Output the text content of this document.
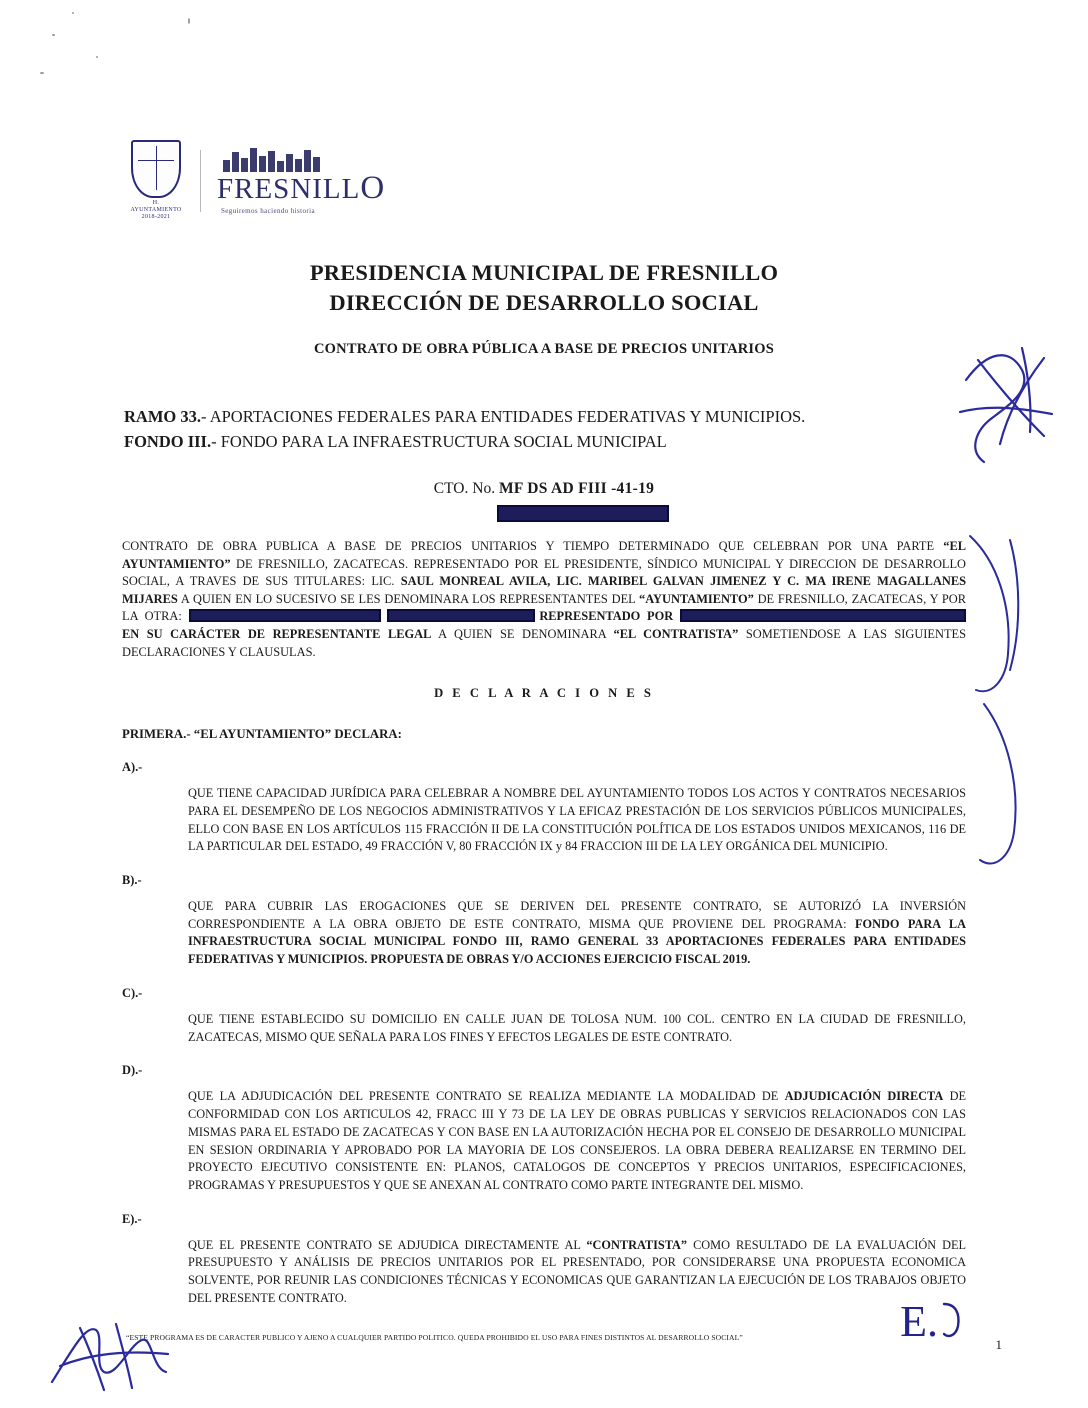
H. AYUNTAMIENTO 2018-2021
FRESNILLO
Seguiremos haciendo historia
PRESIDENCIA MUNICIPAL DE FRESNILLO
DIRECCIÓN DE DESARROLLO SOCIAL
CONTRATO DE OBRA PÚBLICA A BASE DE PRECIOS UNITARIOS
RAMO 33.- APORTACIONES FEDERALES PARA ENTIDADES FEDERATIVAS Y MUNICIPIOS.
FONDO III.- FONDO PARA LA INFRAESTRUCTURA SOCIAL MUNICIPAL
CTO. No. MF DS AD FIII -41-19

CONTRATO DE OBRA PUBLICA A BASE DE PRECIOS UNITARIOS Y TIEMPO DETERMINADO QUE CELEBRAN POR UNA PARTE “EL AYUNTAMIENTO” DE FRESNILLO, ZACATECAS. REPRESENTADO POR EL PRESIDENTE, SÍNDICO MUNICIPAL Y DIRECCION DE DESARROLLO SOCIAL, A TRAVES DE SUS TITULARES: LIC. SAUL MONREAL AVILA, LIC. MARIBEL GALVAN JIMENEZ Y C. MA IRENE MAGALLANES MIJARES A QUIEN EN LO SUCESIVO SE LES DENOMINARA LOS REPRESENTANTES DEL “AYUNTAMIENTO” DE FRESNILLO, ZACATECAS, Y POR LA OTRA:	REPRESENTADO POR  EN SU CARÁCTER DE REPRESENTANTE LEGAL A QUIEN SE DENOMINARA “EL CONTRATISTA” SOMETIENDOSE A LAS SIGUIENTES DECLARACIONES Y CLAUSULAS.

D E C L A R A C I O N E S
PRIMERA.- “EL AYUNTAMIENTO” DECLARA:
A).-
QUE TIENE CAPACIDAD JURÍDICA PARA CELEBRAR A NOMBRE DEL AYUNTAMIENTO TODOS LOS ACTOS Y CONTRATOS NECESARIOS PARA EL DESEMPEÑO DE LOS NEGOCIOS ADMINISTRATIVOS Y LA EFICAZ PRESTACIÓN DE LOS SERVICIOS PÚBLICOS MUNICIPALES, ELLO CON BASE EN LOS ARTÍCULOS 115 FRACCIÓN II DE LA CONSTITUCIÓN POLÍTICA DE LOS ESTADOS UNIDOS MEXICANOS, 116 DE LA PARTICULAR DEL ESTADO, 49 FRACCIÓN V, 80 FRACCIÓN IX y 84 FRACCION III DE LA LEY ORGÁNICA DEL MUNICIPIO.
B).-
QUE PARA CUBRIR LAS EROGACIONES QUE SE DERIVEN DEL PRESENTE CONTRATO, SE AUTORIZÓ LA INVERSIÓN CORRESPONDIENTE A LA OBRA OBJETO DE ESTE CONTRATO, MISMA QUE PROVIENE DEL PROGRAMA: FONDO PARA LA INFRAESTRUCTURA SOCIAL MUNICIPAL FONDO III, RAMO GENERAL 33 APORTACIONES FEDERALES PARA ENTIDADES FEDERATIVAS Y MUNICIPIOS. PROPUESTA DE OBRAS Y/O ACCIONES EJERCICIO FISCAL 2019.
C).-
QUE TIENE ESTABLECIDO SU DOMICILIO EN CALLE JUAN DE TOLOSA NUM. 100 COL. CENTRO EN LA CIUDAD DE FRESNILLO, ZACATECAS, MISMO QUE SEÑALA PARA LOS FINES Y EFECTOS LEGALES DE ESTE CONTRATO.
D).-
QUE LA ADJUDICACIÓN DEL PRESENTE CONTRATO SE REALIZA MEDIANTE LA MODALIDAD DE ADJUDICACIÓN DIRECTA DE CONFORMIDAD CON LOS ARTICULOS 42, FRACC III Y 73 DE LA LEY DE OBRAS PUBLICAS Y SERVICIOS RELACIONADOS CON LAS MISMAS PARA EL ESTADO DE ZACATECAS Y CON BASE EN LA AUTORIZACIÓN HECHA POR EL CONSEJO DE DESARROLLO MUNICIPAL EN SESION ORDINARIA Y APROBADO POR LA MAYORIA DE LOS CONSEJEROS. LA OBRA DEBERA REALIZARSE EN TERMINO DEL PROYECTO EJECUTIVO CONSISTENTE EN: PLANOS, CATALOGOS DE CONCEPTOS Y PRECIOS UNITARIOS, ESPECIFICACIONES, PROGRAMAS Y PRESUPUESTOS Y QUE SE ANEXAN AL CONTRATO COMO PARTE INTEGRANTE DEL MISMO.
E).-
QUE EL PRESENTE CONTRATO SE ADJUDICA DIRECTAMENTE AL “CONTRATISTA” COMO RESULTADO DE LA EVALUACIÓN DEL PRESUPUESTO Y ANÁLISIS DE PRECIOS UNITARIOS POR EL PRESENTADO, POR CONSIDERARSE UNA PROPUESTA ECONOMICA SOLVENTE, POR REUNIR LAS CONDICIONES TÉCNICAS Y ECONOMICAS QUE GARANTIZAN LA EJECUCIÓN DE LOS TRABAJOS OBJETO DEL PRESENTE CONTRATO.
“ESTE PROGRAMA ES DE CARACTER PUBLICO Y AJENO A CUALQUIER PARTIDO POLITICO. QUEDA PROHIBIDO EL USO PARA FINES DISTINTOS AL DESARROLLO SOCIAL”	1
E.
